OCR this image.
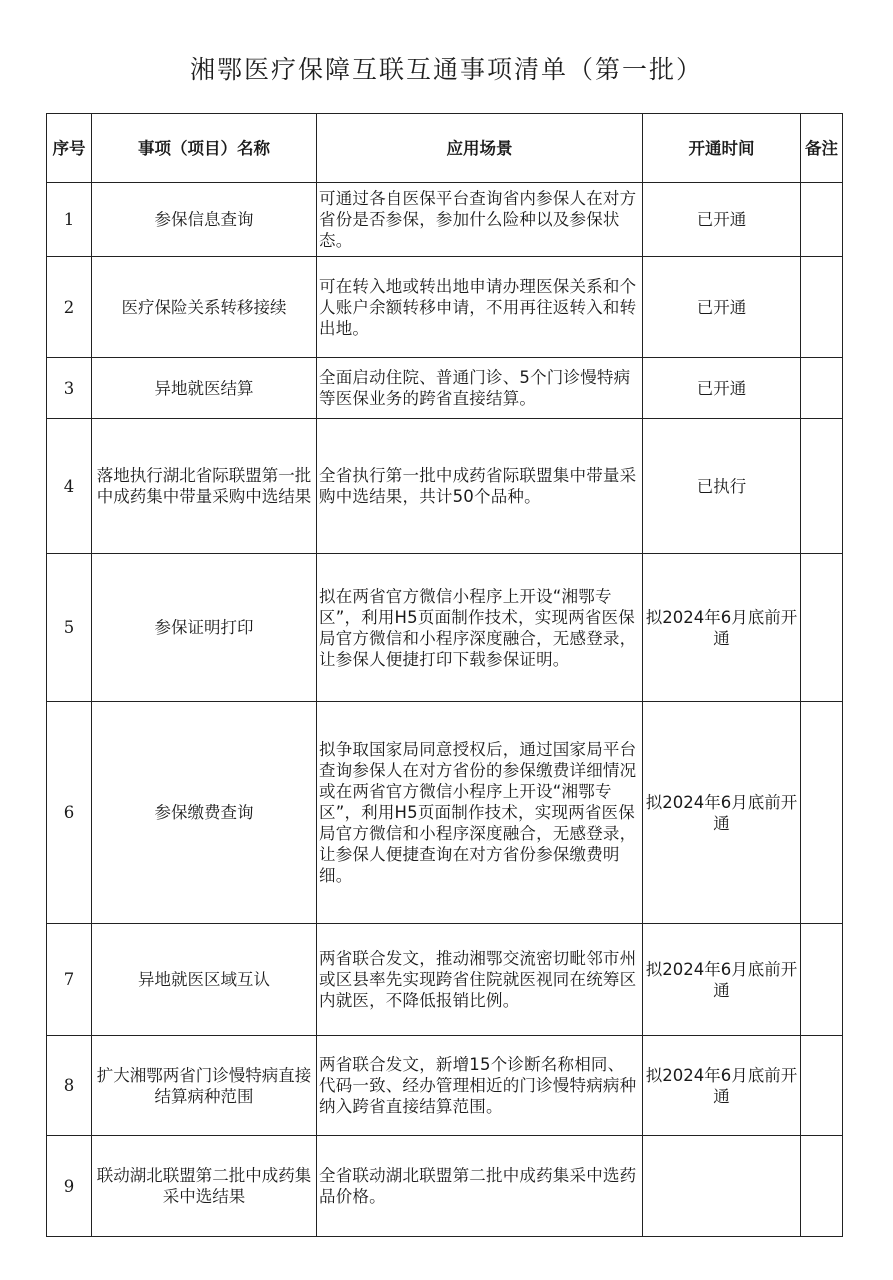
湘鄂医疗保障互联互通事项清单（第一批）
序号	事项（项目）名称	应用场景	开通时间	备注
1	参保信息查询	可通过各自医保平台查询省内参保人在对方省份是否参保，参加什么险种以及参保状态。	已开通	
2	医疗保险关系转移接续	可在转入地或转出地申请办理医保关系和个人账户余额转移申请，不用再往返转入和转出地。	已开通	
3	异地就医结算	全面启动住院、普通门诊、5个门诊慢特病等医保业务的跨省直接结算。	已开通	
4	落地执行湖北省际联盟第一批中成药集中带量采购中选结果	全省执行第一批中成药省际联盟集中带量采购中选结果，共计50个品种。	已执行	
5	参保证明打印	拟在两省官方微信小程序上开设“湘鄂专区”，利用H5页面制作技术，实现两省医保局官方微信和小程序深度融合，无感登录，让参保人便捷打印下载参保证明。	拟2024年6月底前开通	
6	参保缴费查询	拟争取国家局同意授权后，通过国家局平台查询参保人在对方省份的参保缴费详细情况或在两省官方微信小程序上开设“湘鄂专区”，利用H5页面制作技术，实现两省医保局官方微信和小程序深度融合，无感登录，让参保人便捷查询在对方省份参保缴费明细。	拟2024年6月底前开通	
7	异地就医区域互认	两省联合发文，推动湘鄂交流密切毗邻市州或区县率先实现跨省住院就医视同在统筹区内就医，不降低报销比例。	拟2024年6月底前开通	
8	扩大湘鄂两省门诊慢特病直接结算病种范围	两省联合发文，新增15个诊断名称相同、代码一致、经办管理相近的门诊慢特病病种纳入跨省直接结算范围。	拟2024年6月底前开通	
9	联动湖北联盟第二批中成药集采中选结果	全省联动湖北联盟第二批中成药集采中选药品价格。		
